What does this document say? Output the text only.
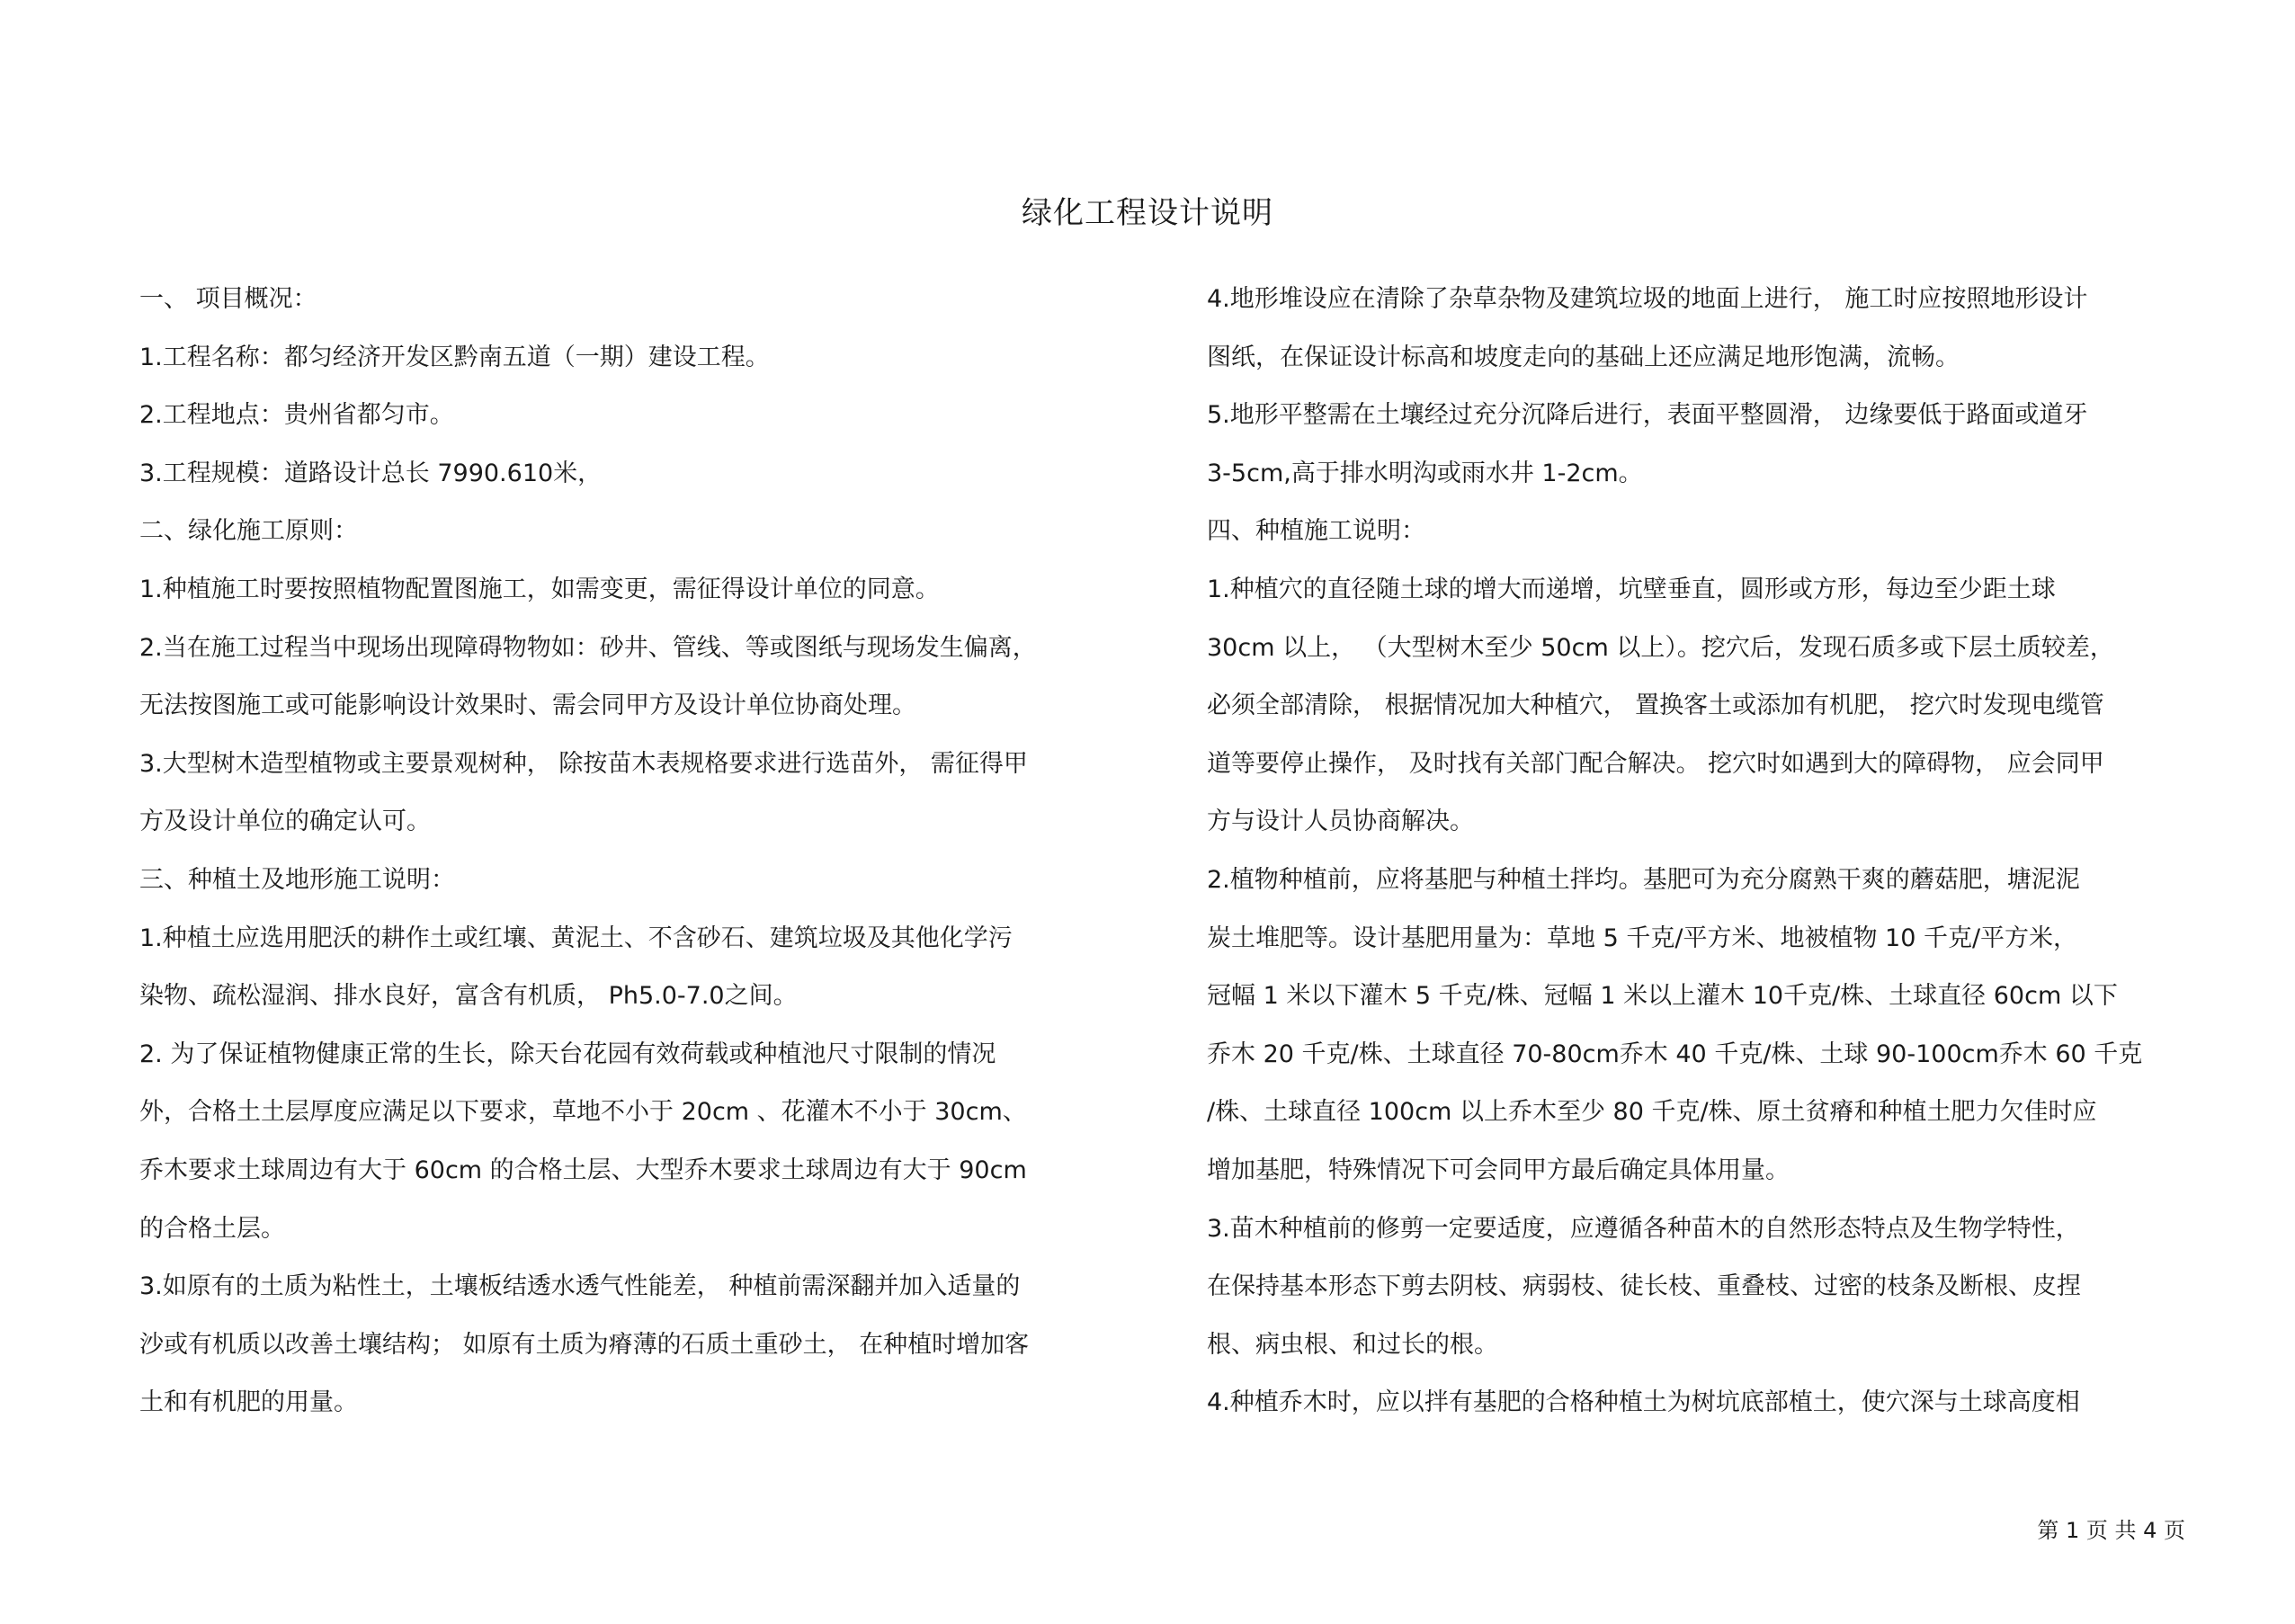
绿化工程设计说明
一、 项目概况：
1.工程名称：都匀经济开发区黔南五道（一期）建设工程。
2.工程地点：贵州省都匀市。
3.工程规模：道路设计总长 7990.610米，
二、绿化施工原则：
1.种植施工时要按照植物配置图施工，如需变更，需征得设计单位的同意。
2.当在施工过程当中现场出现障碍物物如：砂井、管线、等或图纸与现场发生偏离，
无法按图施工或可能影响设计效果时、需会同甲方及设计单位协商处理。
3.大型树木造型植物或主要景观树种， 除按苗木表规格要求进行选苗外， 需征得甲
方及设计单位的确定认可。
三、种植土及地形施工说明：
1.种植土应选用肥沃的耕作土或红壤、黄泥土、不含砂石、建筑垃圾及其他化学污
染物、疏松湿润、排水良好，富含有机质， Ph5.0-7.0之间。
2. 为了保证植物健康正常的生长，除天台花园有效荷载或种植池尺寸限制的情况
外，合格土土层厚度应满足以下要求，草地不小于 20cm 、花灌木不小于 30cm、
乔木要求土球周边有大于 60cm 的合格土层、大型乔木要求土球周边有大于 90cm
的合格土层。
3.如原有的土质为粘性土，土壤板结透水透气性能差， 种植前需深翻并加入适量的
沙或有机质以改善土壤结构； 如原有土质为瘠薄的石质土重砂土， 在种植时增加客
土和有机肥的用量。
4.地形堆设应在清除了杂草杂物及建筑垃圾的地面上进行， 施工时应按照地形设计
图纸，在保证设计标高和坡度走向的基础上还应满足地形饱满，流畅。
5.地形平整需在土壤经过充分沉降后进行，表面平整圆滑， 边缘要低于路面或道牙
3-5cm,高于排水明沟或雨水井 1-2cm。
四、种植施工说明：
1.种植穴的直径随土球的增大而递增，坑壁垂直，圆形或方形，每边至少距土球
30cm 以上， （大型树木至少 50cm 以上）。挖穴后，发现石质多或下层土质较差，
必须全部清除， 根据情况加大种植穴， 置换客土或添加有机肥， 挖穴时发现电缆管
道等要停止操作， 及时找有关部门配合解决。 挖穴时如遇到大的障碍物， 应会同甲
方与设计人员协商解决。
2.植物种植前，应将基肥与种植土拌均。基肥可为充分腐熟干爽的蘑菇肥，塘泥泥
炭土堆肥等。设计基肥用量为：草地 5 千克/平方米、地被植物 10 千克/平方米，
冠幅 1 米以下灌木 5 千克/株、冠幅 1 米以上灌木 10千克/株、土球直径 60cm 以下
乔木 20 千克/株、土球直径 70-80cm乔木 40 千克/株、土球 90-100cm乔木 60 千克
/株、土球直径 100cm 以上乔木至少 80 千克/株、原土贫瘠和种植土肥力欠佳时应
增加基肥，特殊情况下可会同甲方最后确定具体用量。
3.苗木种植前的修剪一定要适度，应遵循各种苗木的自然形态特点及生物学特性，
在保持基本形态下剪去阴枝、病弱枝、徒长枝、重叠枝、过密的枝条及断根、皮捏
根、病虫根、和过长的根。
4.种植乔木时，应以拌有基肥的合格种植土为树坑底部植土，使穴深与土球高度相
第 1 页 共 4 页
